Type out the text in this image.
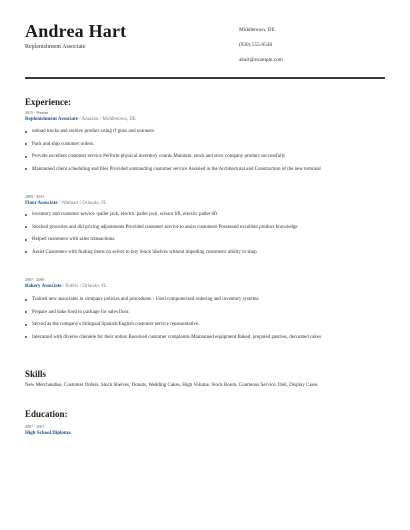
Andrea Hart
Replenishment Associate
Middletown, DE
(930) 555-0548
ahart@example.com
Experience:
2015 - Present
Replenishment Associate / Amazon / Middletown, DE
unload trucks and recieve product using rf guns and scanners
Pack and ship customer orders.
Provide excellent customer service Perform physical inventory counts Maintain, stock and stow company product successfully
Maintained client scheduling and files Provided outstanding customer service Assisted in the Architectural and Construction of the new terminal
2009 - 2015
Floor Associate / Walmart / Orlando, FL
inventory and customer service -pallet jack, electric pallet jack, scissor lift, electric pallet lift
Stocked groceries and did pricing adjustments Provided customer service to assist customers Possessed excellent product knowledge
Helped customers with sales transactions.
Assist Customers with finding items on selves to buy Stock Shelves without impeding customers' ability to shop
2007 - 2009
Bakery Associate / Publix / Orlando, FL
Trained new associates in company policies and procedures - Used computerized ordering and inventory systems.
Prepare and bake food to package for sales floor.
Served as the company's bilingual Spanish/English customer service representative.
Interacted with diverse clientele for their orders Resolved customer complaints Maintained equipment Baked, prepared pastries, decorated cakes
Skills
New Merchandise, Customer Orders, Stock Shelves, Donuts, Wedding Cakes, High Volume, Stock Room, Courteous Service, Deli, Display Cases
Education:
2007 - 2007
High School Diploma
